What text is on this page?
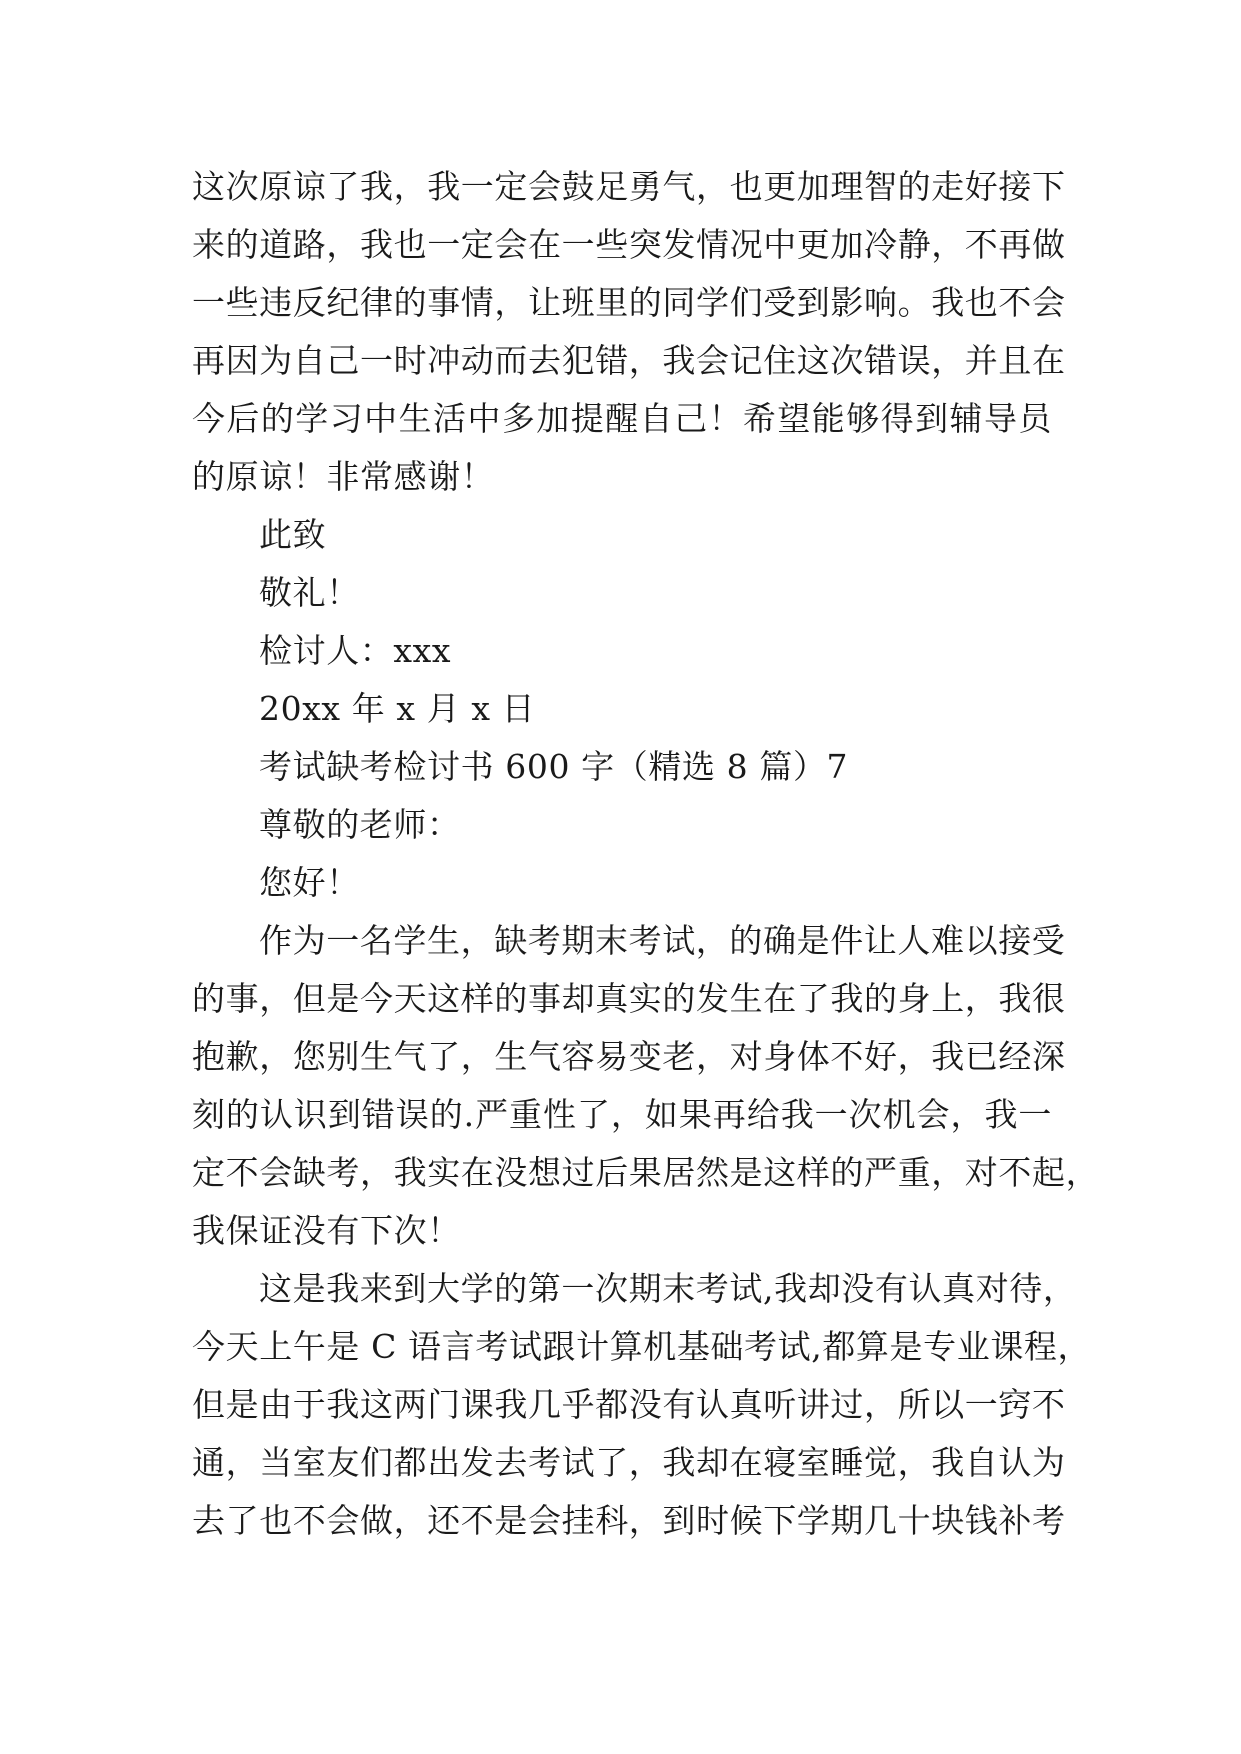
这次原谅了我，我一定会鼓足勇气，也更加理智的走好接下
来的道路，我也一定会在一些突发情况中更加冷静，不再做
一些违反纪律的事情，让班里的同学们受到影响。我也不会
再因为自己一时冲动而去犯错，我会记住这次错误，并且在
今后的学习中生活中多加提醒自己！希望能够得到辅导员
的原谅！非常感谢！
此致
敬礼！
检讨人：xxx
20xx 年 x 月 x 日
考试缺考检讨书 600 字（精选 8 篇）7
尊敬的老师：
您好！
作为一名学生，缺考期末考试，的确是件让人难以接受
的事，但是今天这样的事却真实的发生在了我的身上，我很
抱歉，您别生气了，生气容易变老，对身体不好，我已经深
刻的认识到错误的.严重性了，如果再给我一次机会，我一
定不会缺考，我实在没想过后果居然是这样的严重，对不起，
我保证没有下次！
这是我来到大学的第一次期末考试,我却没有认真对待，
今天上午是 C 语言考试跟计算机基础考试,都算是专业课程，
但是由于我这两门课我几乎都没有认真听讲过，所以一窍不
通，当室友们都出发去考试了，我却在寝室睡觉，我自认为
去了也不会做，还不是会挂科，到时候下学期几十块钱补考
